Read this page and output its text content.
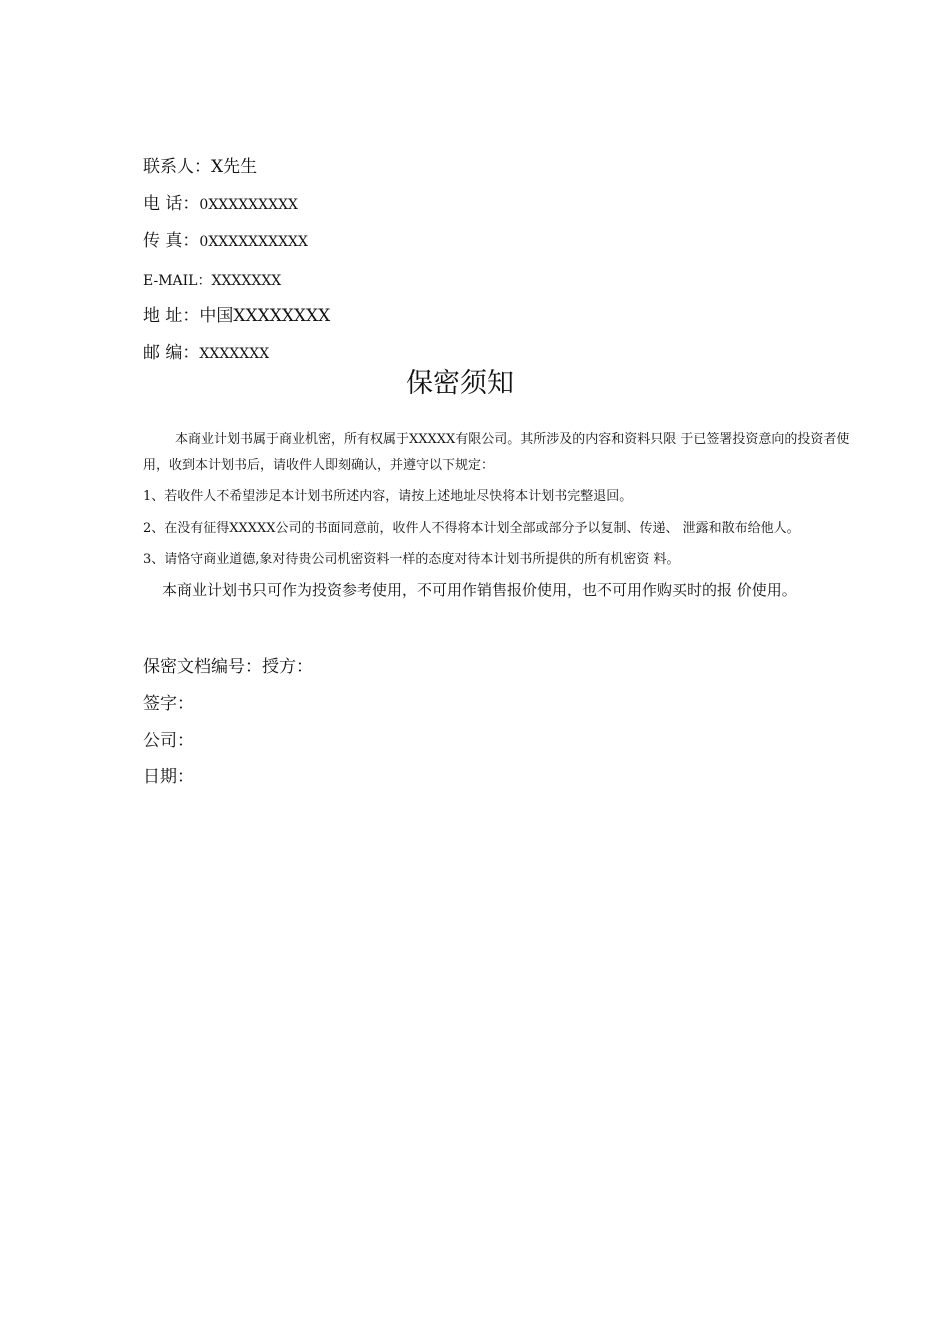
联系人：X先生
电 话：0XXXXXXXXX
传 真：0XXXXXXXXXX
E-MAIL：XXXXXXX
地 址：中国XXXXXXXX
邮 编：XXXXXXX
保密须知
本商业计划书属于商业机密，所有权属于XXXXX有限公司。其所涉及的内容和资料只限 于已签署投资意向的投资者使
用，收到本计划书后，请收件人即刻确认，并遵守以下规定：
1、若收件人不希望涉足本计划书所述内容，请按上述地址尽快将本计划书完整退回。
2、在没有征得XXXXX公司的书面同意前，收件人不得将本计划全部或部分予以复制、传递、 泄露和散布给他人。
3、请恪守商业道德,象对待贵公司机密资料一样的态度对待本计划书所提供的所有机密资 料。
本商业计划书只可作为投资参考使用，不可用作销售报价使用，也不可用作购买时的报 价使用。
保密文档编号：授方：
签字：
公司：
日期：
